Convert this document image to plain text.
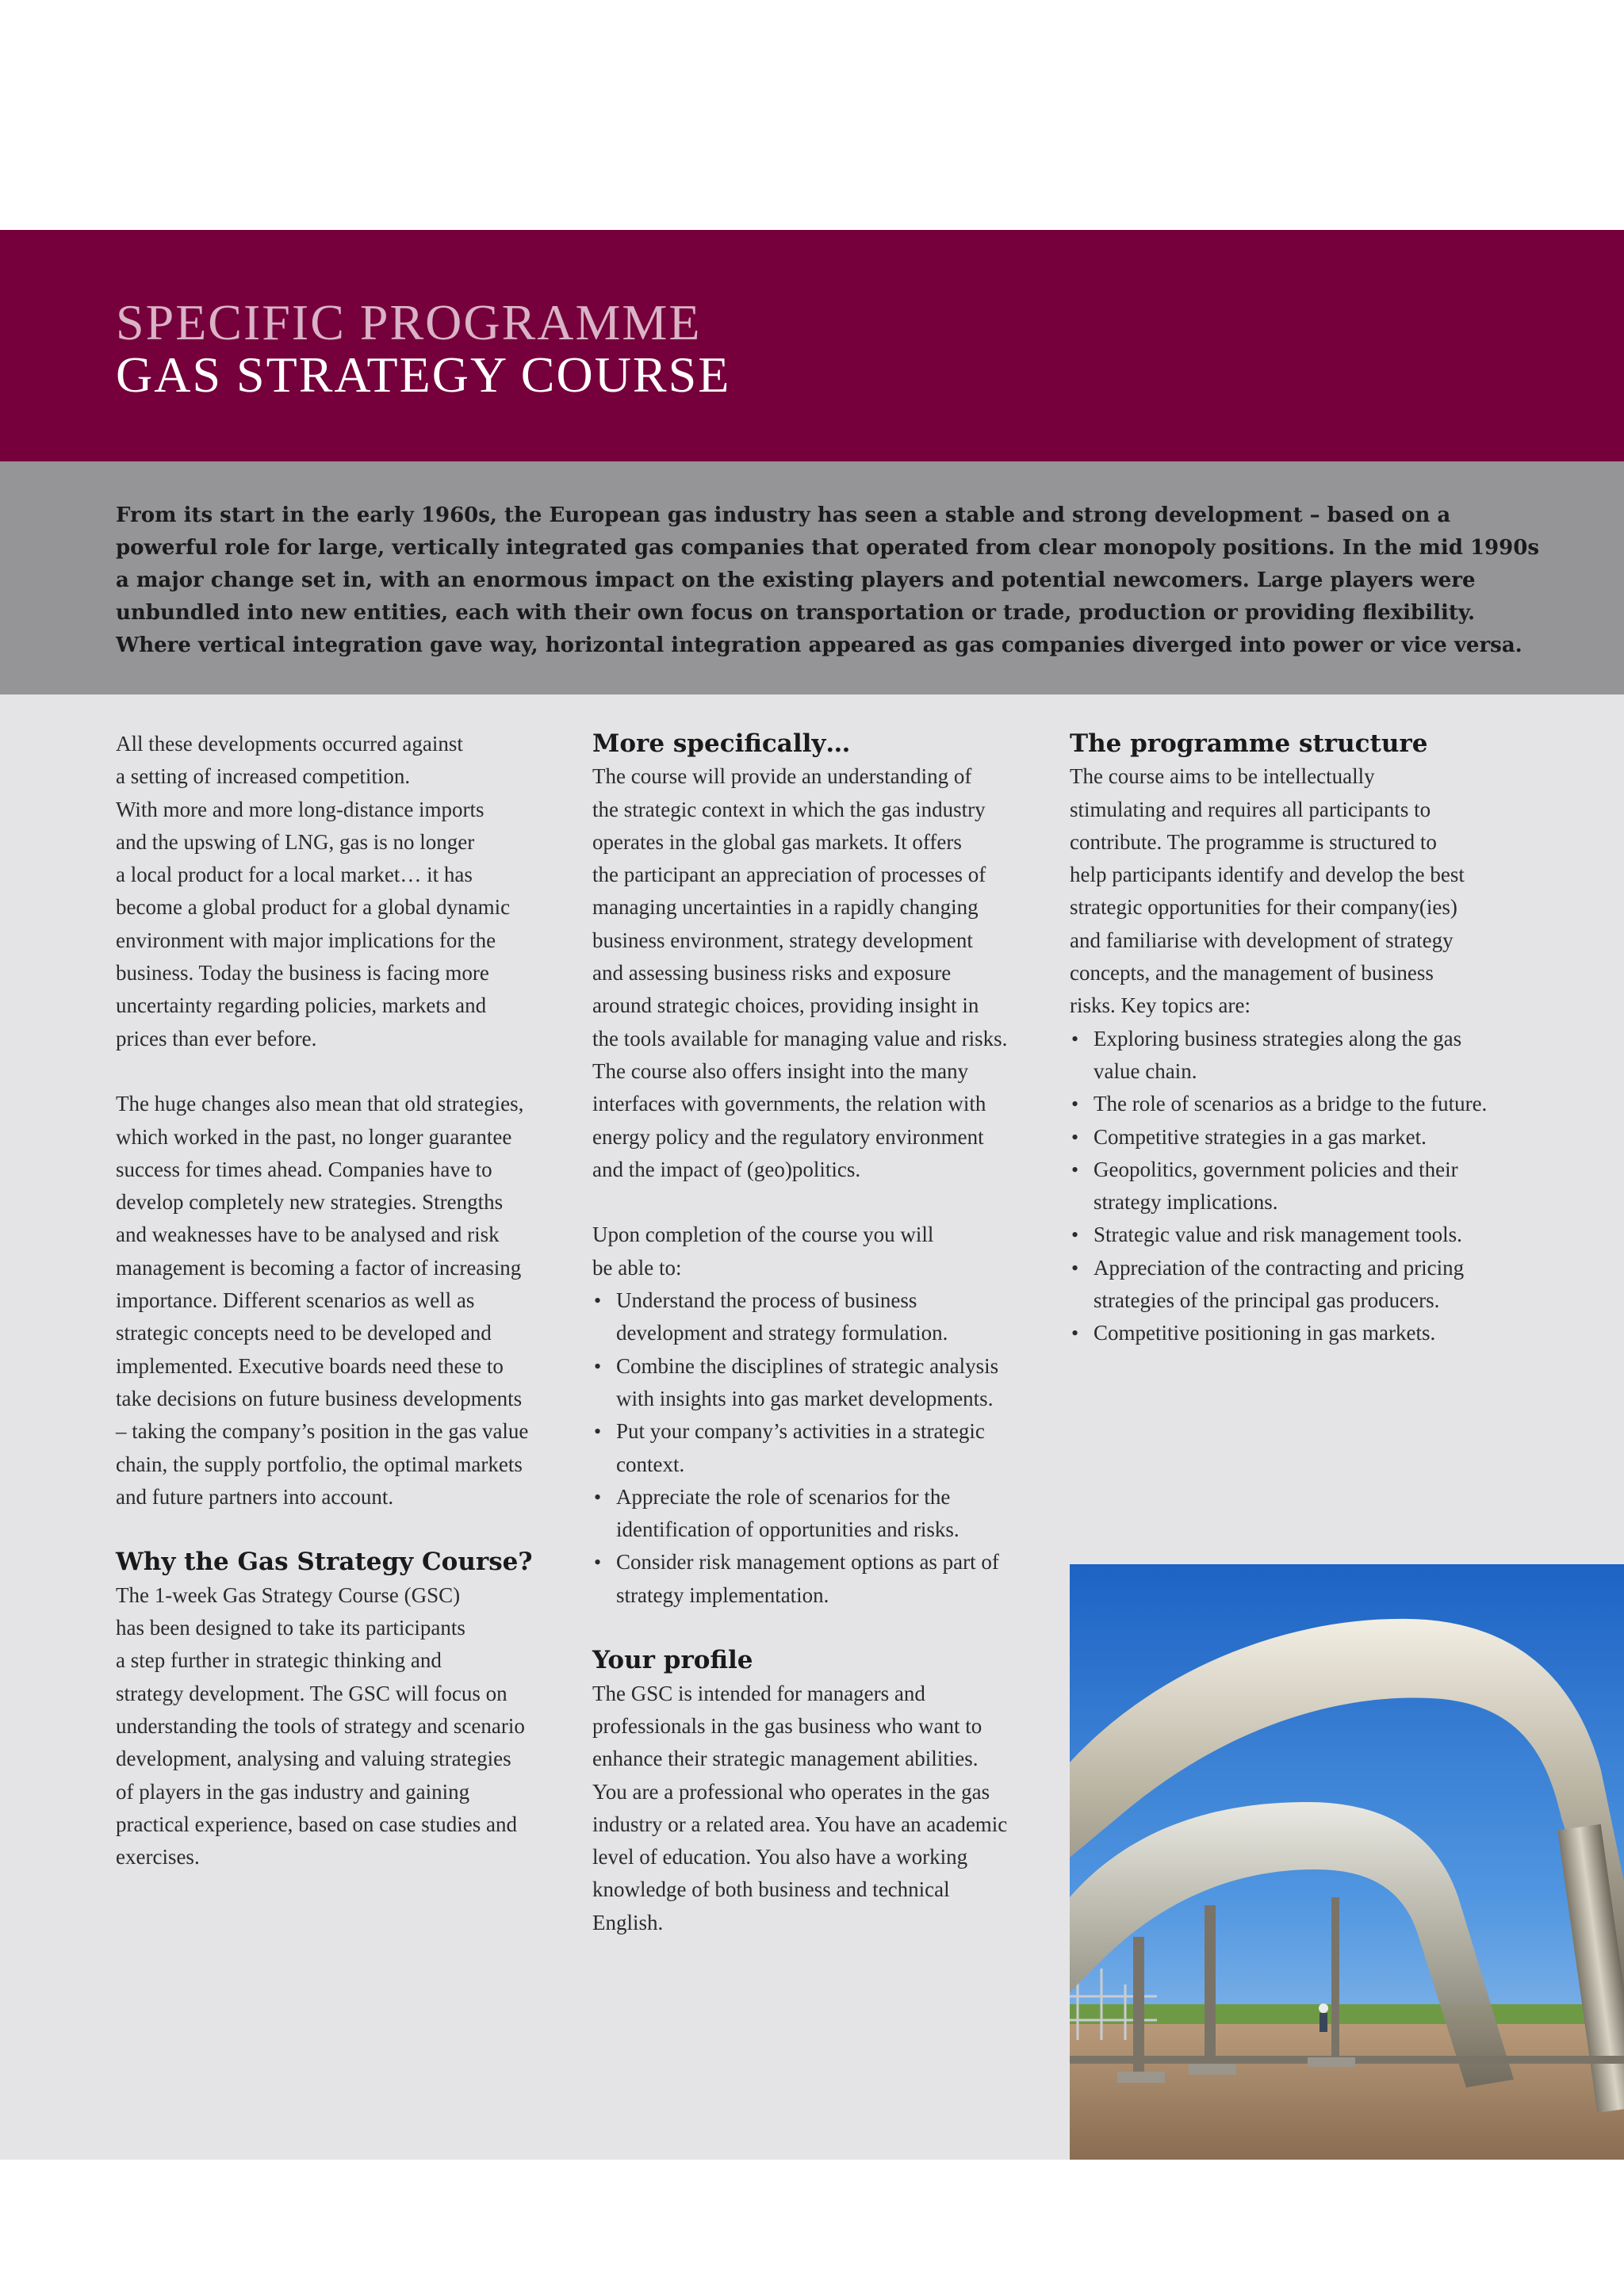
SPECIFIC PROGRAMME
GAS STRATEGY COURSE

From its start in the early 1960s, the European gas industry has seen a stable and strong development – based on a
powerful role for large, vertically integrated gas companies that operated from clear monopoly positions. In the mid 1990s
a major change set in, with an enormous impact on the existing players and potential newcomers. Large players were
unbundled into new entities, each with their own focus on transportation or trade, production or providing flexibility.
Where vertical integration gave way, horizontal integration appeared as gas companies diverged into power or vice versa.

All these developments occurred against
a setting of increased competition.
With more and more long-distance imports
and the upswing of LNG, gas is no longer
a local product for a local market… it has
become a global product for a global dynamic
environment with major implications for the
business. Today the business is facing more
uncertainty regarding policies, markets and
prices than ever before.

The huge changes also mean that old strategies,
which worked in the past, no longer guarantee
success for times ahead. Companies have to
develop completely new strategies. Strengths
and weaknesses have to be analysed and risk
management is becoming a factor of increasing
importance. Different scenarios as well as
strategic concepts need to be developed and
implemented. Executive boards need these to
take decisions on future business developments
– taking the company’s position in the gas value
chain, the supply portfolio, the optimal markets
and future partners into account.

Why the Gas Strategy Course?

The 1-week Gas Strategy Course (GSC)
has been designed to take its participants
a step further in strategic thinking and
strategy development. The GSC will focus on
understanding the tools of strategy and scenario
development, analysing and valuing strategies
of players in the gas industry and gaining
practical experience, based on case studies and
exercises.

More specifically…

The course will provide an understanding of
the strategic context in which the gas industry
operates in the global gas markets. It offers
the participant an appreciation of processes of
managing uncertainties in a rapidly changing
business environment, strategy development
and assessing business risks and exposure
around strategic choices, providing insight in
the tools available for managing value and risks.
The course also offers insight into the many
interfaces with governments, the relation with
energy policy and the regulatory environment
and the impact of (geo)politics.

Upon completion of the course you will
be able to:

• Understand the process of business
development and strategy formulation.
• Combine the disciplines of strategic analysis
with insights into gas market developments.
• Put your company’s activities in a strategic
context.
• Appreciate the role of scenarios for the
identification of opportunities and risks.
• Consider risk management options as part of
strategy implementation.
Your profile

The GSC is intended for managers and
professionals in the gas business who want to
enhance their strategic management abilities.
You are a professional who operates in the gas
industry or a related area. You have an academic
level of education. You also have a working
knowledge of both business and technical
English.

The programme structure

The course aims to be intellectually
stimulating and requires all participants to
contribute. The programme is structured to
help participants identify and develop the best
strategic opportunities for their company(ies)
and familiarise with development of strategy
concepts, and the management of business
risks. Key topics are:

• Exploring business strategies along the gas
value chain.
• The role of scenarios as a bridge to the future.
• Competitive strategies in a gas market.
• Geopolitics, government policies and their
strategy implications.
• Strategic value and risk management tools.
• Appreciation of the contracting and pricing
strategies of the principal gas producers.
• Competitive positioning in gas markets.
